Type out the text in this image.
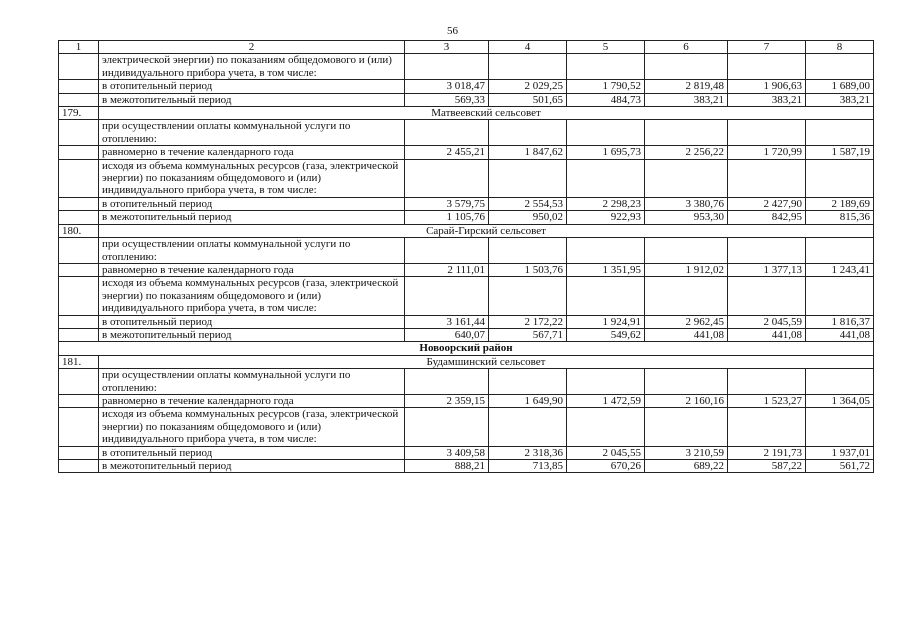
56
1	2	3	4	5	6	7	8
	электрической энергии) по показаниям общедомового и (или) индивидуального прибора учета, в том числе:						
	в отопительный период	3 018,47	2 029,25	1 790,52	2 819,48	1 906,63	1 689,00
	в межотопительный период	569,33	501,65	484,73	383,21	383,21	383,21
179.	Матвеевский сельсовет						
	при осуществлении оплаты коммунальной услуги по отоплению:						
	равномерно в течение календарного года	2 455,21	1 847,62	1 695,73	2 256,22	1 720,99	1 587,19
	исходя из объема коммунальных ресурсов (газа, электрической энергии) по показаниям общедомового и (или) индивидуального прибора учета, в том числе:						
	в отопительный период	3 579,75	2 554,53	2 298,23	3 380,76	2 427,90	2 189,69
	в межотопительный период	1 105,76	950,02	922,93	953,30	842,95	815,36
180.	Сарай-Гирский сельсовет						
	при осуществлении оплаты коммунальной услуги по отоплению:						
	равномерно в течение календарного года	2 111,01	1 503,76	1 351,95	1 912,02	1 377,13	1 243,41
	исходя из объема коммунальных ресурсов (газа, электрической энергии) по показаниям общедомового и (или) индивидуального прибора учета, в том числе:						
	в отопительный период	3 161,44	2 172,22	1 924,91	2 962,45	2 045,59	1 816,37
	в межотопительный период	640,07	567,71	549,62	441,08	441,08	441,08
Новоорский район							
181.	Будамшинский сельсовет						
	при осуществлении оплаты коммунальной услуги по отоплению:						
	равномерно в течение календарного года	2 359,15	1 649,90	1 472,59	2 160,16	1 523,27	1 364,05
	исходя из объема коммунальных ресурсов (газа, электрической энергии) по показаниям общедомового и (или) индивидуального прибора учета, в том числе:						
	в отопительный период	3 409,58	2 318,36	2 045,55	3 210,59	2 191,73	1 937,01
	в межотопительный период	888,21	713,85	670,26	689,22	587,22	561,72
